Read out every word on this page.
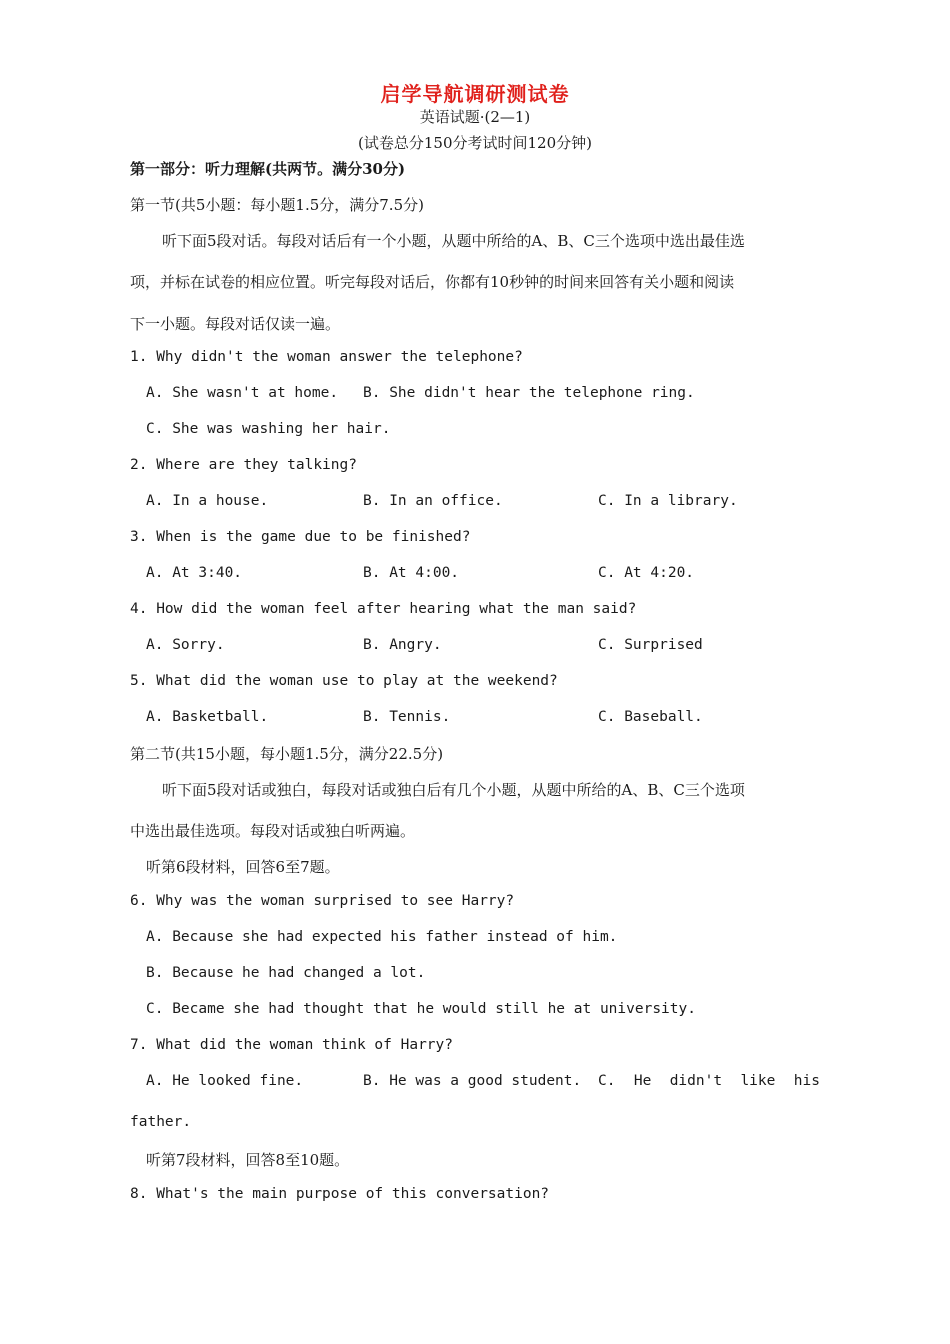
启学导航调研测试卷
英语试题·(2—1)
(试卷总分150分考试时间120分钟)
第一部分：听力理解(共两节。满分30分)
第一节(共5小题：每小题1.5分，满分7.5分)
听下面5段对话。每段对话后有一个小题，从题中所给的A、B、C三个选项中选出最佳选
项，并标在试卷的相应位置。听完每段对话后，你都有10秒钟的时间来回答有关小题和阅读
下一小题。每段对话仅读一遍。
1. Why didn't the woman answer the telephone?
A. She wasn't at home. B. She didn't hear the telephone ring.
C. She was washing her hair.
2. Where are they talking?
A. In a house.	B. In an office.	C. In a library.
3. When is the game due to be finished?
A. At 3:40.	B. At 4:00.	C. At 4:20.
4. How did the woman feel after hearing what the man said?
A. Sorry.	B. Angry.	C. Surprised
5. What did the woman use to play at the weekend?
A. Basketball.	B. Tennis.	C. Baseball.
第二节(共15小题，每小题1.5分，满分22.5分)
听下面5段对话或独白，每段对话或独白后有几个小题，从题中所给的A、B、C三个选项
中选出最佳选项。每段对话或独白听两遍。
听第6段材料，回答6至7题。
6. Why was the woman surprised to see Harry?
A. Because she had expected his father instead of him.
B. Because he had changed a lot.
C. Became she had thought that he would still he at university.
7. What did the woman think of Harry?
A. He looked fine.	B. He was a good student. C. He didn't like his
father.
听第7段材料，回答8至10题。
8. What's the main purpose of this conversation?
